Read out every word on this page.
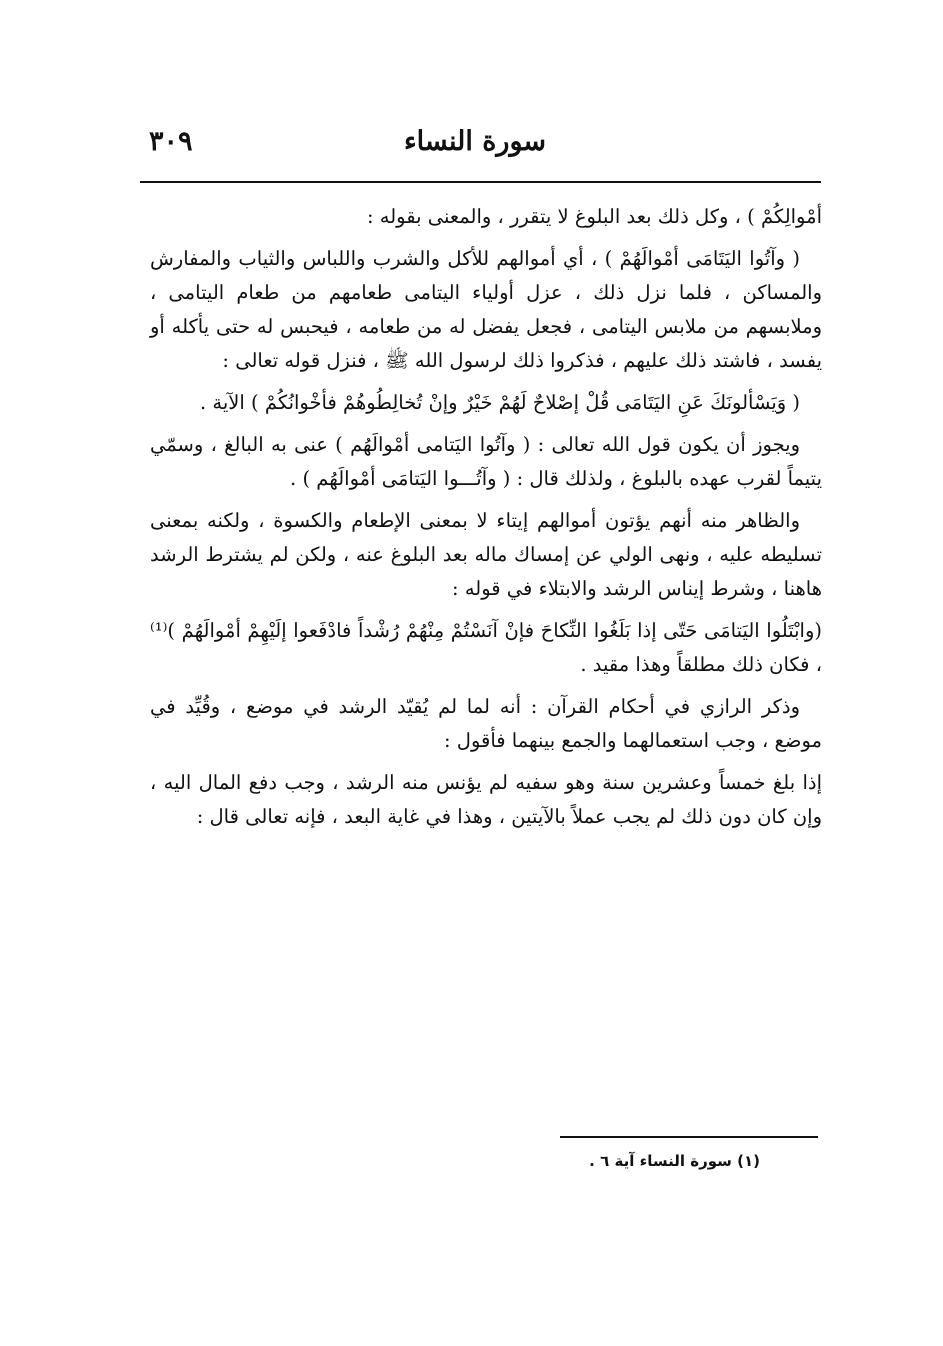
٣٠٩	سورة النساء

أمْوالِكُمْ ) ، وكل ذلك بعد البلوغ لا يتقرر ، والمعنى بقوله :

( وآتُوا اليَتَامَى أمْوالَهُمْ ) ، أي أموالهم للأكل والشرب واللباس والثياب والمفارش والمساكن ، فلما نزل ذلك ، عزل أولياء اليتامى طعامهم من طعام اليتامى ، وملابسهم من ملابس اليتامى ، فجعل يفضل له من طعامه ، فيحبس له حتى يأكله أو يفسد ، فاشتد ذلك عليهم ، فذكروا ذلك لرسول الله ﷺ ، فنزل قوله تعالى :

( وَيَسْألونَكَ عَنِ اليَتَامَى قُلْ إصْلاحٌ لَهُمْ خَيْرٌ وإنْ تُخالِطُوهُمْ فأخْوانُكُمْ ) الآية .

ويجوز أن يكون قول الله تعالى : ( وآتُوا اليَتامى أمْوالَهُم ) عنى به البالغ ، وسمّي يتيماً لقرب عهده بالبلوغ ، ولذلك قال : ( وآتُـــوا اليَتامَى أمْوالَهُم ) .

والظاهر منه أنهم يؤتون أموالهم إيتاء لا بمعنى الإطعام والكسوة ، ولكنه بمعنى تسليطه عليه ، ونهى الولي عن إمساك ماله بعد البلوغ عنه ، ولكن لم يشترط الرشد هاهنا ، وشرط إيناس الرشد والابتلاء في قوله :

(وابْتَلُوا اليَتامَى حَتّى إذا بَلَغُوا النِّكاحَ فإنْ آنَسْتُمْ مِنْهُمْ رُشْداً فادْفَعوا إلَيْهِمْ أمْوالَهُمْ )⁽¹⁾ ، فكان ذلك مطلقاً وهذا مقيد .

وذكر الرازي في أحكام القرآن : أنه لما لم يُقيّد الرشد في موضع ، وقُيِّد في موضع ، وجب استعمالهما والجمع بينهما فأقول :

إذا بلغ خمساً وعشرين سنة وهو سفيه لم يؤنس منه الرشد ، وجب دفع المال اليه ، وإن كان دون ذلك لم يجب عملاً بالآيتين ، وهذا في غاية البعد ، فإنه تعالى قال :

(١) سورة النساء آية ٦ .
